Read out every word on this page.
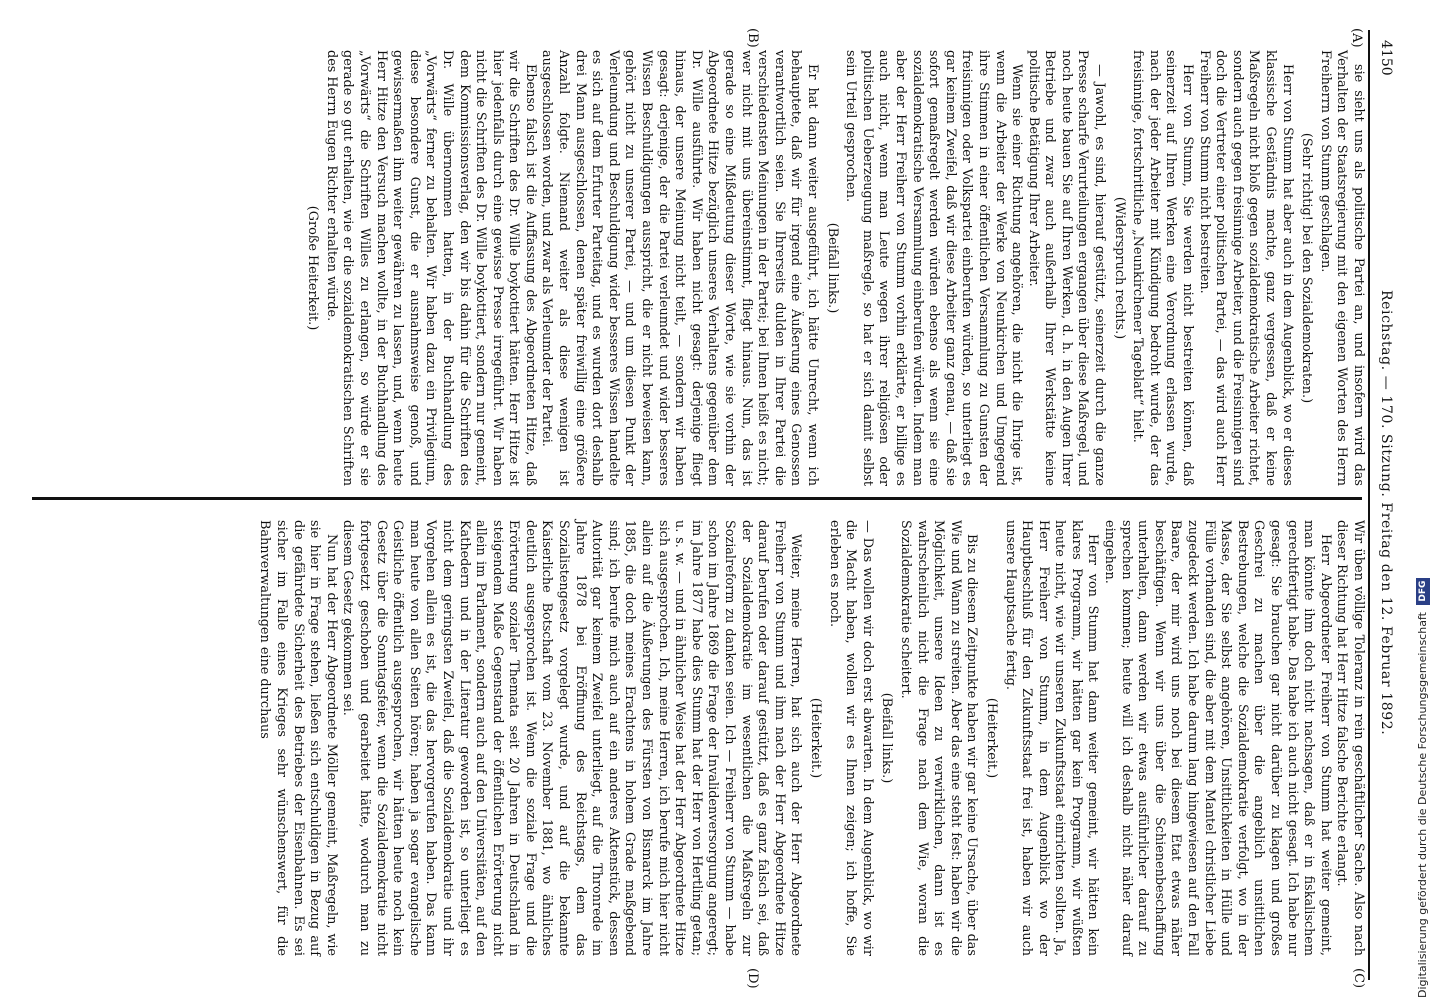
4150
Reichstag. — 170. Sitzung. Freitag den 12. Februar 1892.
(A)
(B)
(C)
(D)

sie sieht uns als politische Partei an, und insofern wird das Verhalten der Staatsregierung mit den eigenen Worten des Herrn Freiherrn von Stumm geschlagen.

(Sehr richtig! bei den Sozialdemokraten.)

Herr von Stumm hat aber auch in dem Augenblick, wo er dieses klassische Geständnis machte, ganz vergessen, daß er keine Maßregeln nicht bloß gegen sozialdemokratische Arbeiter richtet, sondern auch gegen freisinnige Arbeiter, und die Freisinnigen sind doch die Vertreter einer politischen Partei, — das wird auch Herr Freiherr von Stumm nicht bestreiten.

Herr von Stumm, Sie werden nicht bestreiten können, daß seinerzeit auf Ihren Werken eine Verordnung erlassen wurde, nach der jeder Arbeiter mit Kündigung bedroht wurde, der das freisinnige, fortschrittliche „Neunkirchener Tageblatt“ hielt.

(Widerspruch rechts.)

— Jawohl, es sind, hierauf gestützt, seinerzeit durch die ganze Presse scharfe Verurteilungen ergangen über diese Maßregel, und noch heute bauen Sie auf Ihren Werken, d. h. in den Augen Ihrer Betriebe und zwar auch außerhalb Ihrer Werkstätte keine politische Betätigung Ihrer Arbeiter.

Wenn sie einer Richtung angehören, die nicht die Ihrige ist, wenn die Arbeiter der Werke von Neunkirchen und Umgegend ihre Stimmen in einer öffentlichen Versammlung zu Gunsten der freisinnigen oder Volkspartei einberufen würden, so unterliegt es gar keinem Zweifel, daß wir diese Arbeiter ganz genau, — daß sie sofort gemaßregelt werden würden ebenso als wenn sie eine sozialdemokratische Versammlung einberufen würden. Indem man aber der Herr Freiherr von Stumm vorhin erklärte, er billige es auch nicht, wenn man Leute wegen ihrer religiösen oder politischen Ueberzeugung maßregle, so hat er sich damit selbst sein Urteil gesprochen.

(Beifall links.)

Er hat dann weiter ausgeführt, ich hätte Unrecht, wenn ich behauptete, daß wir für irgend eine Äußerung eines Genossen verantwortlich seien. Sie Ihrerseits dulden in Ihrer Partei die verschiedensten Meinungen in der Partei; bei Ihnen heißt es nicht; wer nicht mit uns übereinstimmt, fliegt hinaus. Nun, das ist gerade so eine Mißdeutung dieser Worte, wie sie vorhin der Abgeordnete Hitze bezüglich unseres Verhaltens gegenüber dem Dr. Wille ausführte. Wir haben nicht gesagt: derjenige fliegt hinaus, der unsere Meinung nicht teilt, — sondern wir haben gesagt: derjenige, der die Partei verleumdet und wider besseres Wissen Beschuldigungen ausspricht, die er nicht beweisen kann, gehört nicht zu unserer Partei, — und um diesen Punkt der Verleumdung und Beschuldigung wider besseres Wissen handelte es sich auf dem Erfurter Parteitag, und es wurden dort deshalb drei Mann ausgeschlossen, denen später freiwillig eine größere Anzahl folgte. Niemand weiter als diese wenigen ist ausgeschlossen worden, und zwar als Verleumder der Partei.

Ebenso falsch ist die Auffassung des Abgeordneten Hitze, daß wir die Schriften des Dr. Wille boykottiert hätten. Herr Hitze ist hier jedenfalls durch eine gewisse Presse irregeführt. Wir haben nicht die Schriften des Dr. Wille boykottiert, sondern nur gemeint, dem Kommissionsverlag, den wir bis dahin für die Schriften des Dr. Wille übernommen hatten, in der Buchhandlung des „Vorwärts“ ferner zu behalten. Wir haben dazu ein Privilegium, diese besondere Gunst, die er ausnahmsweise genoß, und gewissermaßen ihm weiter gewähren zu lassen, und, wenn heute Herr Hitze den Versuch machen wollte, in der Buchhandlung des „Vorwärts“ die Schriften Willes zu erlangen, so würde er sie gerade so gut erhalten, wie er die sozialdemokratischen Schriften des Herrn Eugen Richter erhalten würde.

(Große Heiterkeit.)

Wir üben völlige Toleranz in rein geschäftlicher Sache. Also nach dieser Richtung hat Herr Hitze falsche Berichte erlangt.

Herr Abgeordneter Freiherr von Stumm hat weiter gemeint, man könnte ihm doch nicht nachsagen, daß er in fiskalischem gerechtfertigt habe. Das habe ich auch nicht gesagt. Ich habe nur gesagt: Sie brauchen gar nicht darüber zu klagen und großes Geschrei zu machen über die angeblich unsittlichen Bestrebungen, welche die Sozialdemokratie verfolgt, wo in der Masse, der Sie selbst angehören, Unsittlichkeiten in Hülle und Fülle vorhanden sind, die aber mit dem Mantel christlicher Liebe zugedeckt werden. Ich habe darum lang hingewiesen auf den Fall Baare, der mir wird uns noch bei diesem Etat etwas näher beschäftigen. Wenn wir uns über die Schienenbeschaffung unterhalten, dann werden wir etwas ausführlicher darauf zu sprechen kommen; heute will ich deshalb nicht näher darauf eingehen.

Herr von Stumm hat dann weiter gemeint, wir hätten kein klares Programm, wir hätten gar kein Programm, wir wüßten heute nicht, wie wir unseren Zukunftsstaat einrichten sollten. Ja, Herr Freiherr von Stumm, in dem Augenblick wo der Hauptbeschluß für den Zukunftsstaat frei ist, haben wir auch unsere Hauptsache fertig.

(Heiterkeit.)

Bis zu diesem Zeitpunkte haben wir gar keine Ursache, über das Wie und Wann zu streiten. Aber das eine steht fest: haben wir die Möglichkeit, unsere Ideen zu verwirklichen, dann ist es wahrscheinlich nicht die Frage nach dem Wie, woran die Sozialdemokratie scheitert.

(Beifall links.)

— Das wollen wir doch erst abwarten. In dem Augenblick, wo wir die Macht haben, wollen wir es Ihnen zeigen; ich hoffe, Sie erleben es noch.

(Heiterkeit.)

Weiter, meine Herren, hat sich auch der Herr Abgeordnete Freiherr von Stumm und ihm nach der Herr Abgeordnete Hitze darauf berufen oder darauf gestützt, daß es ganz falsch sei, daß der Sozialdemokratie im wesentlichen die Maßregeln zur Sozialreform zu danken seien. Ich — Freiherr von Stumm — habe schon im Jahre 1869 die Frage der Invalidenversorgung angeregt; im Jahre 1877 habe dies Stumm hat der Herr von Hertling getan; u. s. w. — und in ähnlicher Weise hat der Herr Abgeordnete Hitze sich ausgesprochen. Ich, meine Herren, ich berufe mich hier nicht allein auf die Äußerungen des Fürsten von Bismarck im Jahre 1885, die doch meines Erachtens in hohem Grade maßgebend sind; ich berufe mich auch auf ein anderes Aktenstück, dessen Autorität gar keinem Zweifel unterliegt, auf die Thronrede im Jahre 1878 bei Eröffnung des Reichstags, dem das Sozialistengesetz vorgelegt wurde, und auf die bekannte Kaiserliche Botschaft vom 23. November 1881, wo ähnliches deutlich ausgesprochen ist. Wenn die soziale Frage und die Erörterung sozialer Themata seit 20 Jahren in Deutschland in steigendem Maße Gegenstand der öffentlichen Erörterung nicht allein im Parlament, sondern auch auf den Universitäten, auf den Kathedern und in der Literatur geworden ist, so unterliegt es nicht dem geringsten Zweifel, daß die Sozialdemokratie und ihr Vorgehen allein es ist, die das hervorgerufen haben. Das kann man heute von allen Seiten hören; haben ja sogar evangelische Geistliche öffentlich ausgesprochen, wir hätten heute noch kein Gesetz über die Sonntagsfeier, wenn die Sozialdemokratie nicht fortgesetzt geschoben und gearbeitet hätte, wodurch man zu diesem Gesetz gekommen sei.

Nun hat der Herr Abgeordnete Möller gemeint, Maßregeln, wie sie hier in Frage stehen, ließen sich entschuldigen in Bezug auf die gefährdete Sicherheit des Betriebes der Eisenbahnen. Es sei sicher im Falle eines Krieges sehr wünschenswert, für die Bahnverwaltungen eine durchaus	Digitalisierung gefördert durch die Deutsche Forschungsgemeinschaft DFG
